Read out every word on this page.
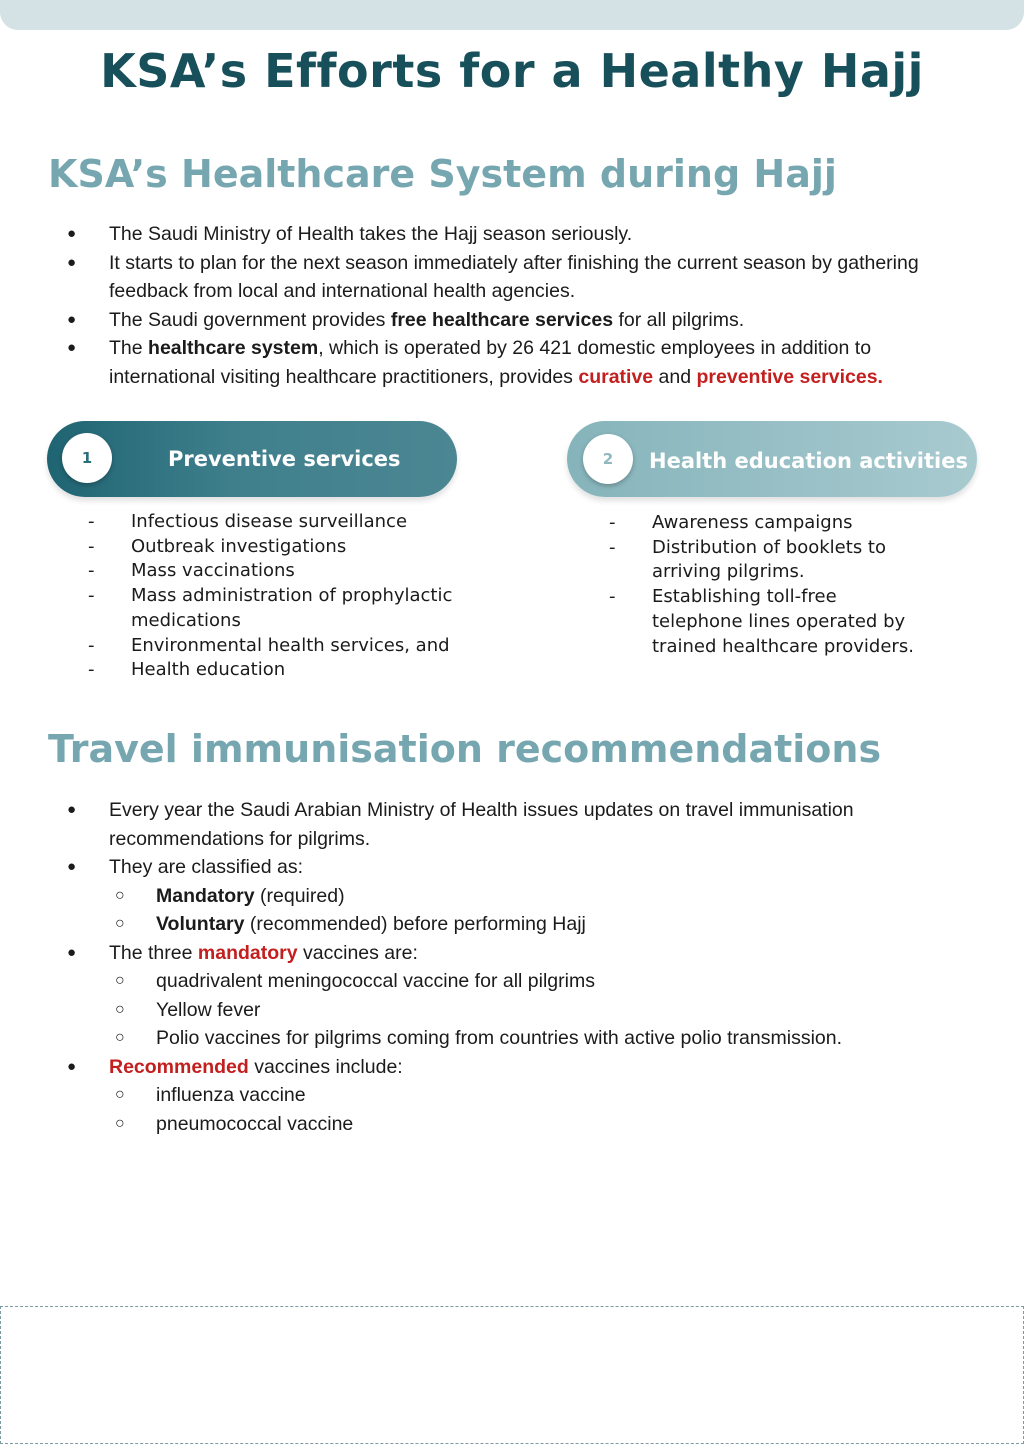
KSA’s Efforts for a Healthy Hajj
KSA’s Healthcare System during Hajj
● The Saudi Ministry of Health takes the Hajj season seriously.
● It starts to plan for the next season immediately after finishing the current season by gathering feedback from local and international health agencies.
● The Saudi government provides free healthcare services for all pilgrims.
● The healthcare system, which is operated by 26 421 domestic employees in addition to international visiting healthcare practitioners, provides curative and preventive services.
1	Preventive services	2	Health education activities
- Infectious disease surveillance
- Outbreak investigations
- Mass vaccinations
- Mass administration of prophylactic medications
- Environmental health services, and
- Health education
- Awareness campaigns
- Distribution of booklets to arriving pilgrims.
- Establishing toll-free telephone lines operated by trained healthcare providers.
Travel immunisation recommendations
● Every year the Saudi Arabian Ministry of Health issues updates on travel immunisation recommendations for pilgrims.
● They are classified as:
○ Mandatory (required)
○ Voluntary (recommended) before performing Hajj
● The three mandatory vaccines are:
○ quadrivalent meningococcal vaccine for all pilgrims
○ Yellow fever
○ Polio vaccines for pilgrims coming from countries with active polio transmission.
● Recommended vaccines include:
○ influenza vaccine
○ pneumococcal vaccine
